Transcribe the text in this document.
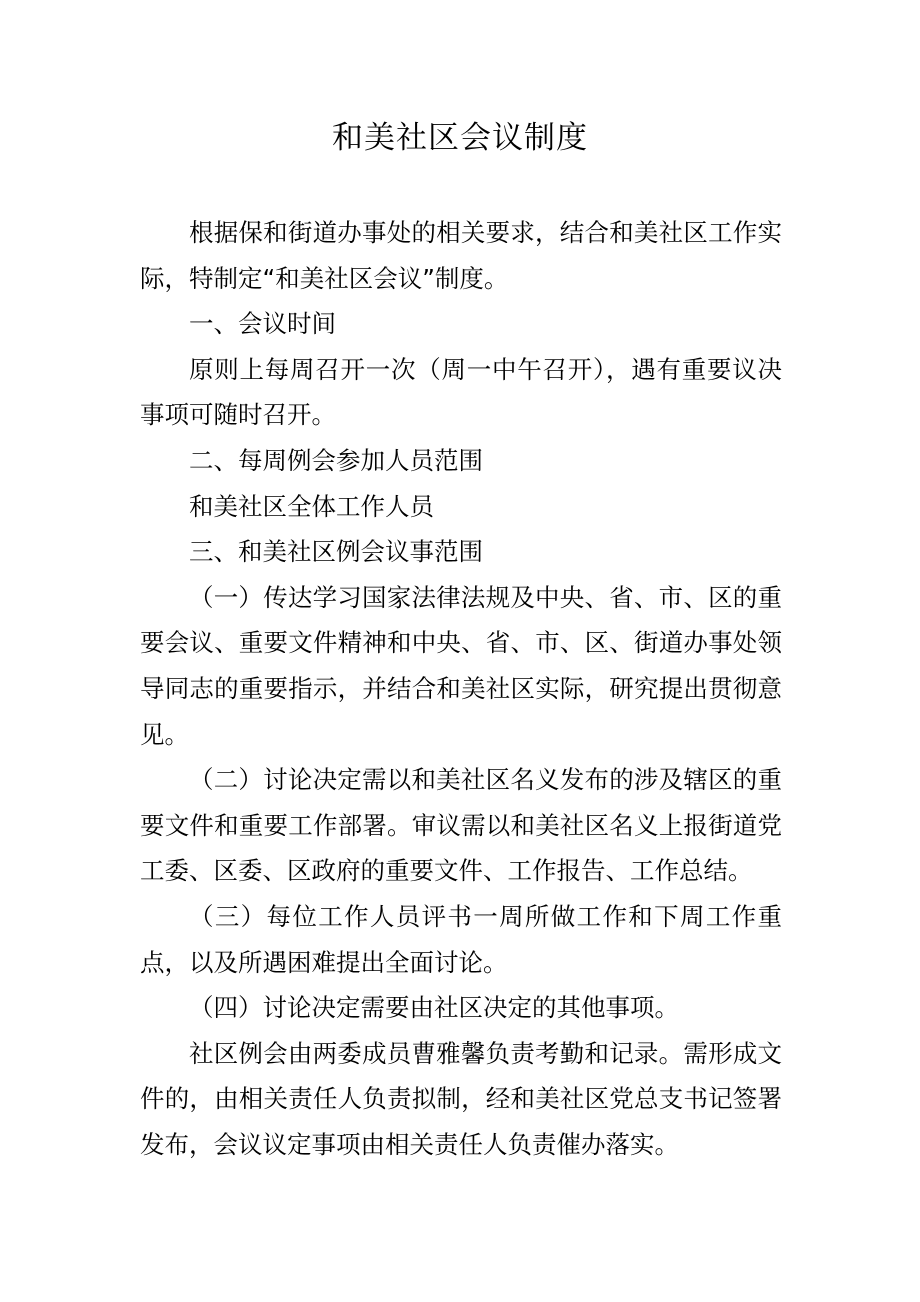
和美社区会议制度

根据保和街道办事处的相关要求，结合和美社区工作实际，特制定“和美社区会议”制度。

一、会议时间

原则上每周召开一次（周一中午召开），遇有重要议决事项可随时召开。

二、每周例会参加人员范围

和美社区全体工作人员

三、和美社区例会议事范围

（一）传达学习国家法律法规及中央、省、市、区的重要会议、重要文件精神和中央、省、市、区、街道办事处领导同志的重要指示，并结合和美社区实际，研究提出贯彻意见。

（二）讨论决定需以和美社区名义发布的涉及辖区的重要文件和重要工作部署。审议需以和美社区名义上报街道党工委、区委、区政府的重要文件、工作报告、工作总结。

（三）每位工作人员评书一周所做工作和下周工作重点，以及所遇困难提出全面讨论。

（四）讨论决定需要由社区决定的其他事项。

社区例会由两委成员曹雅馨负责考勤和记录。需形成文件的，由相关责任人负责拟制，经和美社区党总支书记签署发布，会议议定事项由相关责任人负责催办落实。
